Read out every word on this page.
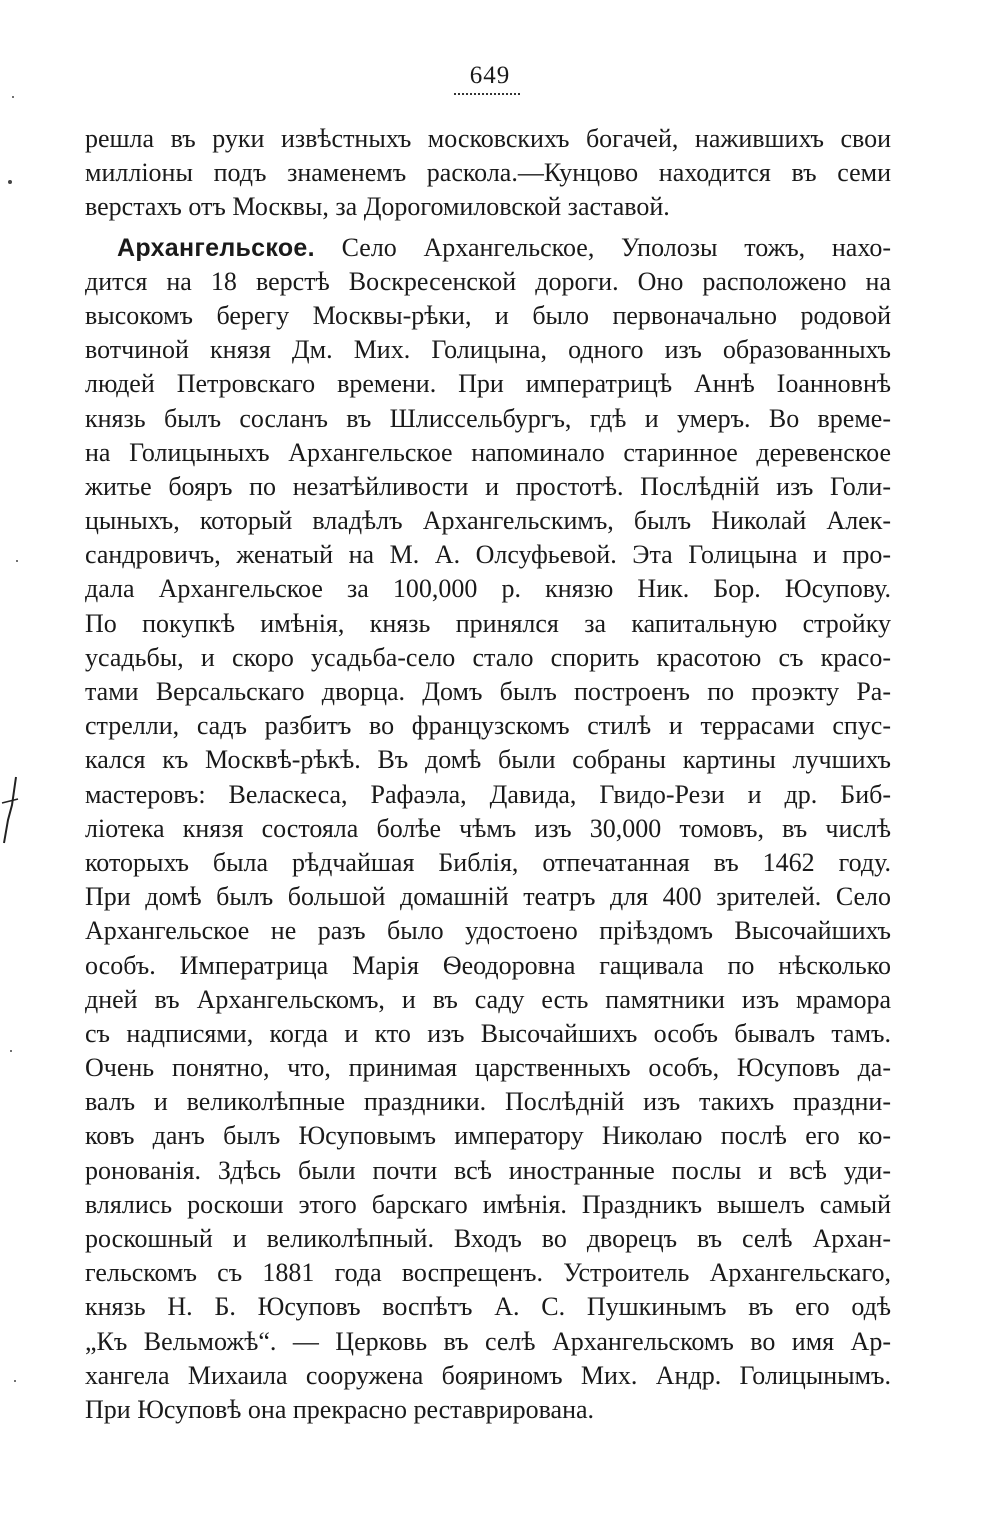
649
решла въ руки извѣстныхъ московскихъ богачей, нажившихъ свои
милліоны подъ знаменемъ раскола.—Кунцово находится въ семи
верстахъ отъ Москвы, за Дорогомиловской заставой.
Архангельское. Село Архангельское, Уполозы тожъ, нахо-
дится на 18 верстѣ Воскресенской дороги. Оно расположено на
высокомъ берегу Москвы-рѣки, и было первоначально родовой
вотчиной князя Дм. Мих. Голицына, одного изъ образованныхъ
людей Петровскаго времени. При императрицѣ Аннѣ Іоанновнѣ
князь былъ сосланъ въ Шлиссельбургъ, гдѣ и умеръ. Во време-
на Голицыныхъ Архангельское напоминало старинное деревенское
житье бояръ по незатѣйливости и простотѣ. Послѣдній изъ Голи-
цыныхъ, который владѣлъ Архангельскимъ, былъ Николай Алек-
сандровичъ, женатый на М. А. Олсуфьевой. Эта Голицына и про-
дала Архангельское за 100,000 р. князю Ник. Бор. Юсупову.
По покупкѣ имѣнія, князь принялся за капитальную стройку
усадьбы, и скоро усадьба-село стало спорить красотою съ красо-
тами Версальскаго дворца. Домъ былъ построенъ по проэкту Ра-
стрелли, садъ разбитъ во французскомъ стилѣ и террасами спус-
кался къ Москвѣ-рѣкѣ. Въ домѣ были собраны картины лучшихъ
мастеровъ: Веласкеса, Рафаэла, Давида, Гвидо-Рези и др. Биб-
ліотека князя состояла болѣе чѣмъ изъ 30,000 томовъ, въ числѣ
которыхъ была рѣдчайшая Библія, отпечатанная въ 1462 году.
При домѣ былъ большой домашній театръ для 400 зрителей. Село
Архангельское не разъ было удостоено пріѣздомъ Высочайшихъ
особъ. Императрица Марія Ѳеодоровна гащивала по нѣсколько
дней въ Архангельскомъ, и въ саду есть памятники изъ мрамора
съ надписями, когда и кто изъ Высочайшихъ особъ бывалъ тамъ.
Очень понятно, что, принимая царственныхъ особъ, Юсуповъ да-
валъ и великолѣпные праздники. Послѣдній изъ такихъ праздни-
ковъ данъ былъ Юсуповымъ императору Николаю послѣ его ко-
ронованія. Здѣсь были почти всѣ иностранные послы и всѣ уди-
влялись роскоши этого барскаго имѣнія. Праздникъ вышелъ самый
роскошный и великолѣпный. Входъ во дворецъ въ селѣ Архан-
гельскомъ съ 1881 года воспрещенъ. Устроитель Архангельскаго,
князь Н. Б. Юсуповъ воспѣтъ А. С. Пушкинымъ въ его одѣ
„Къ Вельможѣ“. — Церковь въ селѣ Архангельскомъ во имя Ар-
хангела Михаила сооружена бояриномъ Мих. Андр. Голицынымъ.
При Юсуповѣ она прекрасно реставрирована.
